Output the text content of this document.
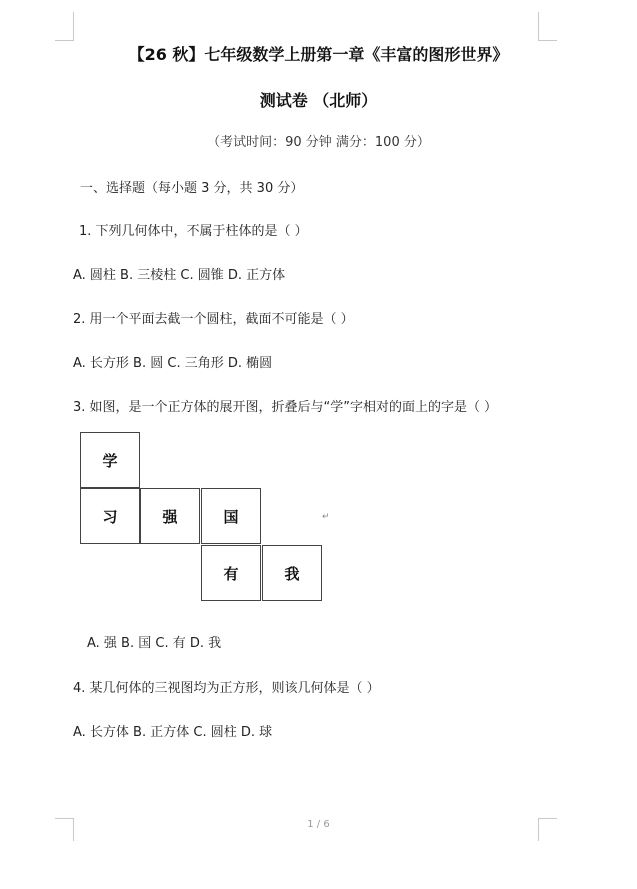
【26 秋】七年级数学上册第一章《丰富的图形世界》
测试卷 （北师）
（考试时间：90 分钟 满分：100 分）
一、选择题（每小题 3 分，共 30 分）
1. 下列几何体中，不属于柱体的是（ ）
A. 圆柱 B. 三棱柱 C. 圆锥 D. 正方体
2. 用一个平面去截一个圆柱，截面不可能是（ ）
A. 长方形 B. 圆 C. 三角形 D. 椭圆
3. 如图，是一个正方体的展开图，折叠后与“学”字相对的面上的字是（ ）
学
习	强	国
有	我
↵
A. 强 B. 国 C. 有 D. 我
4. 某几何体的三视图均为正方形，则该几何体是（ ）
A. 长方体 B. 正方体 C. 圆柱 D. 球
1 / 6
